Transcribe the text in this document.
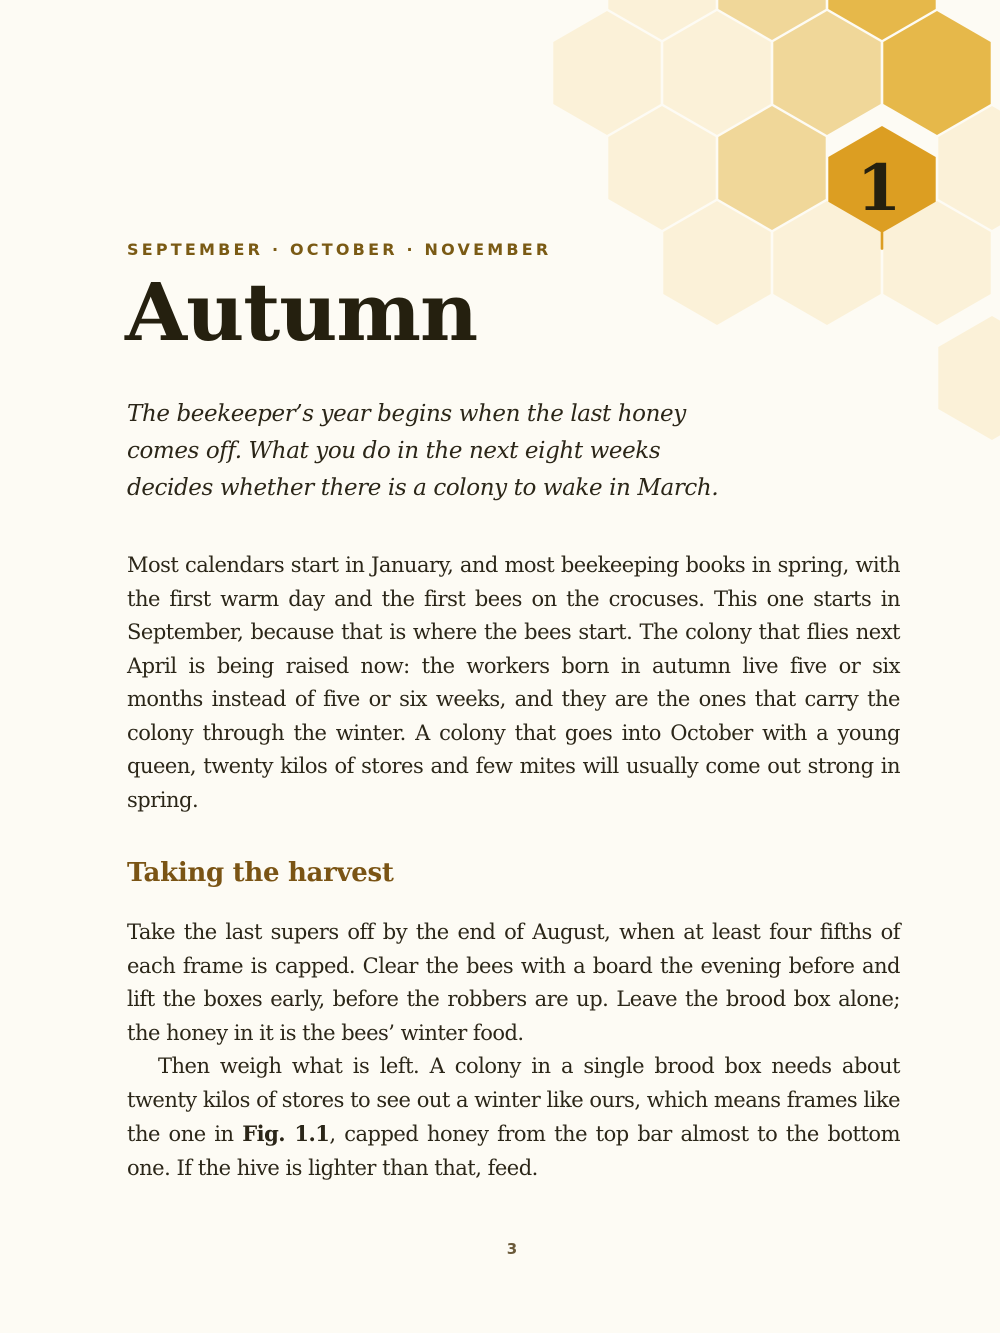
1
SEPTEMBER · OCTOBER · NOVEMBER
Autumn

The beekeeper’s year begins when the last honey comes off. What you do in the next eight weeks decides whether there is a colony to wake in March.

Most calendars start in January, and most beekeeping books in spring, with the first warm day and the first bees on the crocuses. This one starts in September, because that is where the bees start. The colony that flies next April is being raised now: the workers born in autumn live five or six months instead of five or six weeks, and they are the ones that carry the colony through the winter. A colony that goes into October with a young queen, twenty kilos of stores and few mites will usually come out strong in spring.

Taking the harvest

Take the last supers off by the end of August, when at least four fifths of each frame is capped. Clear the bees with a board the evening before and lift the boxes early, before the robbers are up. Leave the brood box alone; the honey in it is the bees’ winter food.

Then weigh what is left. A colony in a single brood box needs about twenty kilos of stores to see out a winter like ours, which means frames like the one in Fig. 1.1, capped honey from the top bar almost to the bottom one. If the hive is lighter than that, feed.

3
